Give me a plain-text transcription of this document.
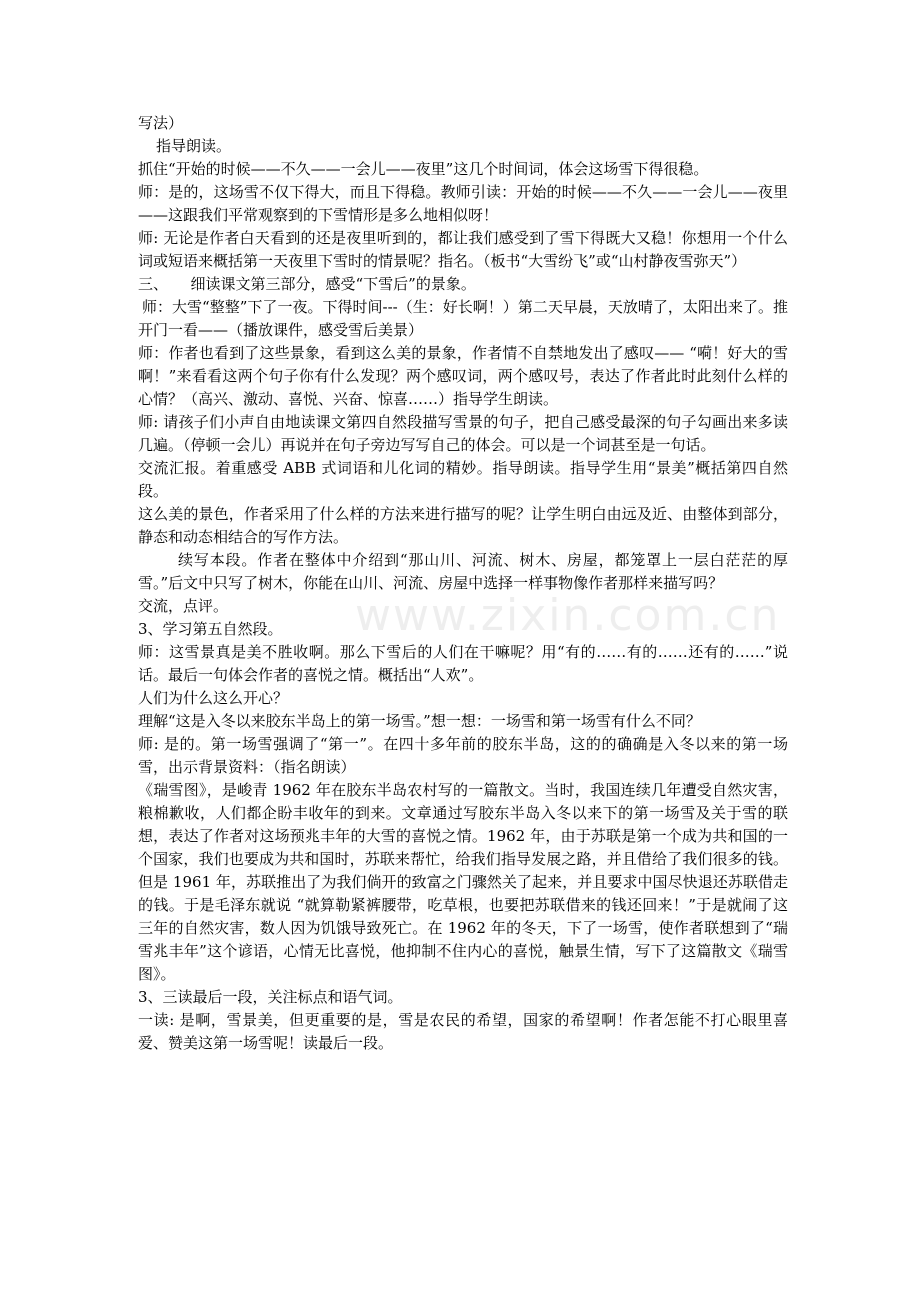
www.zixin.com.cn

写法）

指导朗读。

抓住“开始的时候——不久——一会儿——夜里”这几个时间词，体会这场雪下得很稳。

师：是的，这场雪不仅下得大，而且下得稳。教师引读：开始的时候——不久——一会儿——夜里——这跟我们平常观察到的下雪情形是多么地相似呀！

师: 无论是作者白天看到的还是夜里听到的，都让我们感受到了雪下得既大又稳！你想用一个什么词或短语来概括第一天夜里下雪时的情景呢？指名。（板书“大雪纷飞”或“山村静夜雪弥天”）

三、　　细读课文第三部分，感受“下雪后”的景象。

师：大雪“整整”下了一夜。下得时间---（生：好长啊！）第二天早晨，天放晴了，太阳出来了。推开门一看——（播放课件，感受雪后美景）

师：作者也看到了这些景象，看到这么美的景象，作者情不自禁地发出了感叹—— “嗬！好大的雪啊！”来看看这两个句子你有什么发现？两个感叹词，两个感叹号，表达了作者此时此刻什么样的心情？（高兴、激动、喜悦、兴奋、惊喜……）指导学生朗读。

师: 请孩子们小声自由地读课文第四自然段描写雪景的句子，把自己感受最深的句子勾画出来多读几遍。（停顿一会儿）再说并在句子旁边写写自己的体会。可以是一个词甚至是一句话。

交流汇报。着重感受 ABB 式词语和儿化词的精妙。指导朗读。指导学生用“景美”概括第四自然段。

这么美的景色，作者采用了什么样的方法来进行描写的呢？让学生明白由远及近、由整体到部分，静态和动态相结合的写作方法。

续写本段。作者在整体中介绍到“那山川、河流、树木、房屋，都笼罩上一层白茫茫的厚雪。”后文中只写了树木，你能在山川、河流、房屋中选择一样事物像作者那样来描写吗？

交流，点评。

3、学习第五自然段。

师：这雪景真是美不胜收啊。那么下雪后的人们在干嘛呢？用“有的……有的……还有的……”说话。最后一句体会作者的喜悦之情。概括出“人欢”。

人们为什么这么开心？

理解“这是入冬以来胶东半岛上的第一场雪。”想一想：一场雪和第一场雪有什么不同？

师: 是的。第一场雪强调了“第一”。在四十多年前的胶东半岛，这的的确确是入冬以来的第一场雪，出示背景资料：（指名朗读）

《瑞雪图》，是峻青 1962 年在胶东半岛农村写的一篇散文。当时，我国连续几年遭受自然灾害，粮棉歉收，人们都企盼丰收年的到来。文章通过写胶东半岛入冬以来下的第一场雪及关于雪的联想，表达了作者对这场预兆丰年的大雪的喜悦之情。1962 年，由于苏联是第一个成为共和国的一个国家，我们也要成为共和国时，苏联来帮忙，给我们指导发展之路，并且借给了我们很多的钱。但是 1961 年，苏联推出了为我们倘开的致富之门骤然关了起来，并且要求中国尽快退还苏联借走的钱。于是毛泽东就说 “就算勒紧裤腰带，吃草根，也要把苏联借来的钱还回来！”于是就闹了这三年的自然灾害，数人因为饥饿导致死亡。在 1962 年的冬天，下了一场雪，使作者联想到了“瑞雪兆丰年”这个谚语，心情无比喜悦，他抑制不住内心的喜悦，触景生情，写下了这篇散文《瑞雪图》。

3、三读最后一段，关注标点和语气词。

一读: 是啊，雪景美，但更重要的是，雪是农民的希望，国家的希望啊！作者怎能不打心眼里喜爱、赞美这第一场雪呢！读最后一段。
